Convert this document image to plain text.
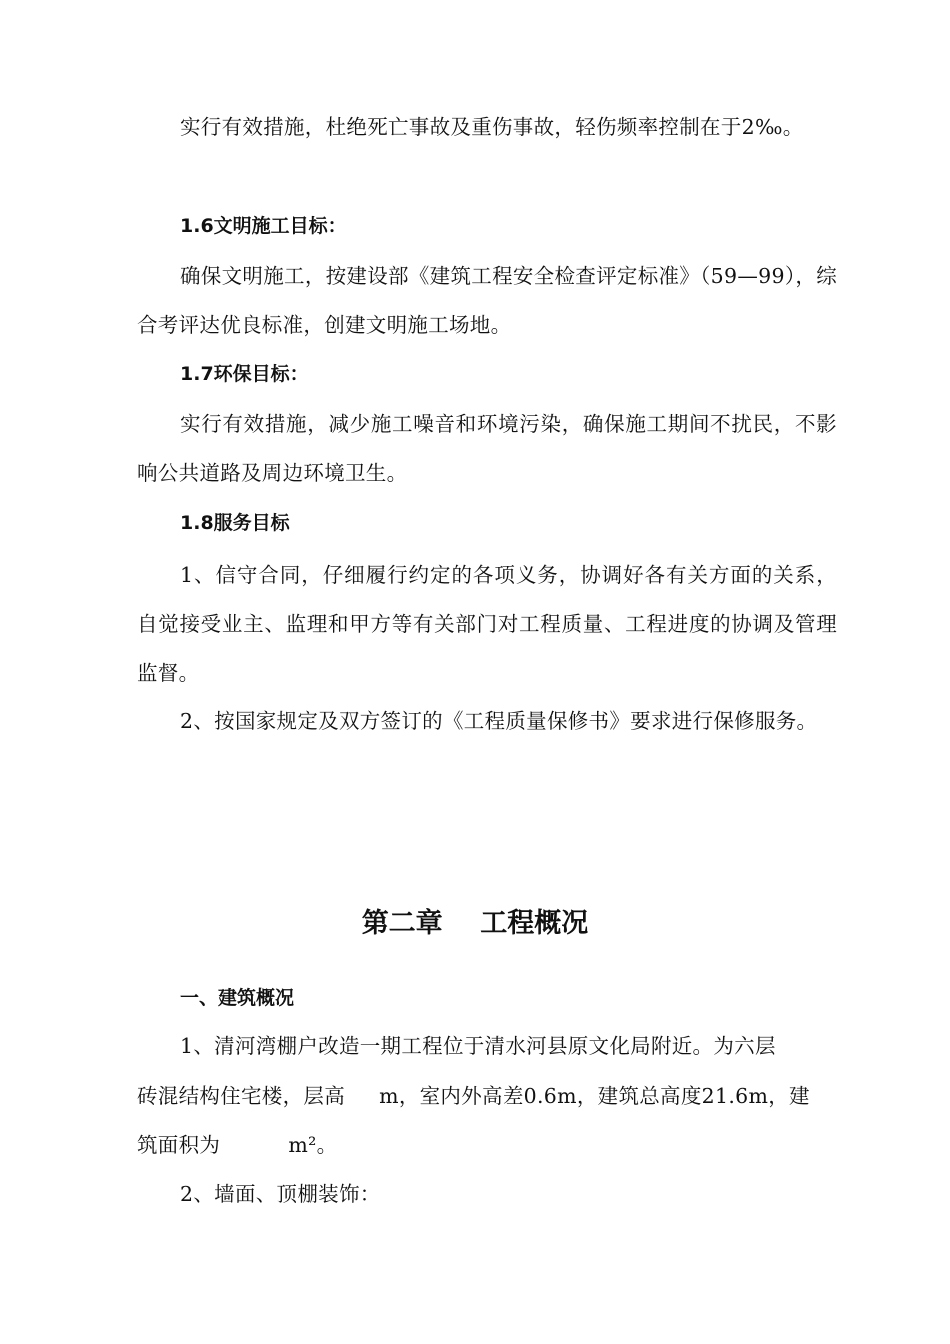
实行有效措施，杜绝死亡事故及重伤事故，轻伤频率控制在于2‰。

1.6文明施工目标：

确保文明施工，按建设部《建筑工程安全检查评定标准》（59—99），综合考评达优良标准，创建文明施工场地。

1.7环保目标：

实行有效措施，减少施工噪音和环境污染，确保施工期间不扰民，不影响公共道路及周边环境卫生。

1.8服务目标

1、信守合同，仔细履行约定的各项义务，协调好各有关方面的关系，自觉接受业主、监理和甲方等有关部门对工程质量、工程进度的协调及管理监督。

2、按国家规定及双方签订的《工程质量保修书》要求进行保修服务。

第二章    工程概况

一、建筑概况

1、清河湾棚户改造一期工程位于清水河县原文化局附近。为六层

砖混结构住宅楼，层高     m，室内外高差0.6m，建筑总高度21.6m，建

筑面积为          m²。

2、墙面、顶棚装饰：
